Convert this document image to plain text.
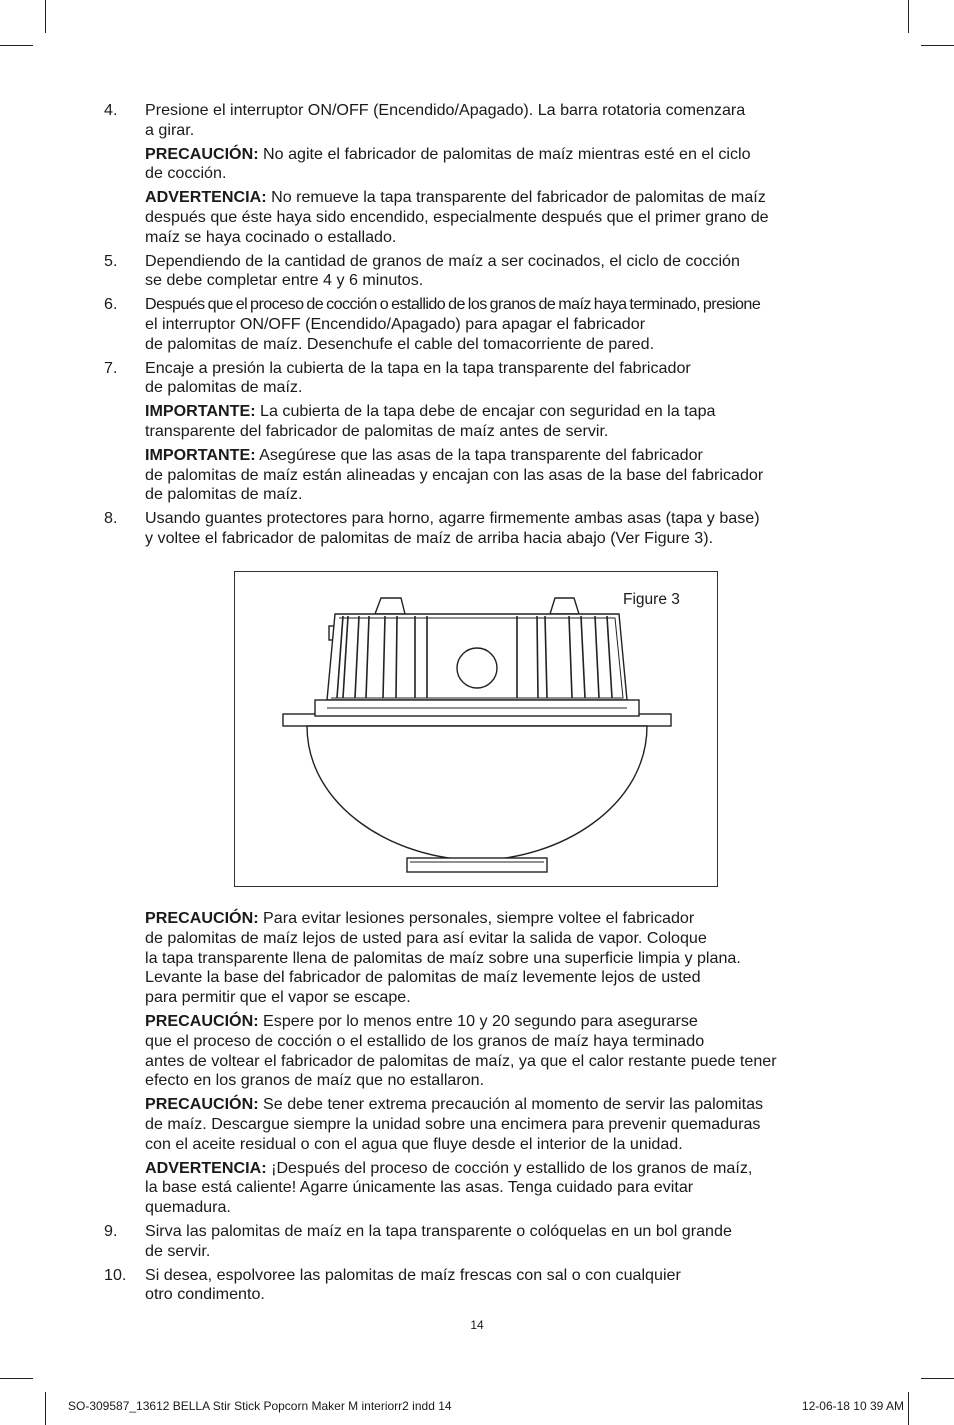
4. Presione el interruptor ON/OFF (Encendido/Apagado). La barra rotatoria comenzara
a girar.
PRECAUCIÓN: No agite el fabricador de palomitas de maíz mientras esté en el ciclo
de cocción.
ADVERTENCIA: No remueve la tapa transparente del fabricador de palomitas de maíz
después que éste haya sido encendido, especialmente después que el primer grano de
maíz se haya cocinado o estallado.
5. Dependiendo de la cantidad de granos de maíz a ser cocinados, el ciclo de cocción
se debe completar entre 4 y 6 minutos.
6. Después que el proceso de cocción o estallido de los granos de maíz haya terminado, presione
el interruptor ON/OFF (Encendido/Apagado) para apagar el fabricador
de palomitas de maíz. Desenchufe el cable del tomacorriente de pared.
7. Encaje a presión la cubierta de la tapa en la tapa transparente del fabricador
de palomitas de maíz.
IMPORTANTE: La cubierta de la tapa debe de encajar con seguridad en la tapa
transparente del fabricador de palomitas de maíz antes de servir.
IMPORTANTE: Asegúrese que las asas de la tapa transparente del fabricador
de palomitas de maíz están alineadas y encajan con las asas de la base del fabricador
de palomitas de maíz.
8. Usando guantes protectores para horno, agarre firmemente ambas asas (tapa y base)
y voltee el fabricador de palomitas de maíz de arriba hacia abajo (Ver Figure 3).
Figure 3
PRECAUCIÓN: Para evitar lesiones personales, siempre voltee el fabricador
de palomitas de maíz lejos de usted para así evitar la salida de vapor. Coloque
la tapa transparente llena de palomitas de maíz sobre una superficie limpia y plana.
Levante la base del fabricador de palomitas de maíz levemente lejos de usted
para permitir que el vapor se escape.
PRECAUCIÓN: Espere por lo menos entre 10 y 20 segundo para asegurarse
que el proceso de cocción o el estallido de los granos de maíz haya terminado
antes de voltear el fabricador de palomitas de maíz, ya que el calor restante puede tener
efecto en los granos de maíz que no estallaron.
PRECAUCIÓN: Se debe tener extrema precaución al momento de servir las palomitas
de maíz. Descargue siempre la unidad sobre una encimera para prevenir quemaduras
con el aceite residual o con el agua que fluye desde el interior de la unidad.
ADVERTENCIA: ¡Después del proceso de cocción y estallido de los granos de maíz,
la base está caliente! Agarre únicamente las asas. Tenga cuidado para evitar
quemadura.
9. Sirva las palomitas de maíz en la tapa transparente o colóquelas en un bol grande
de servir.
10. Si desea, espolvoree las palomitas de maíz frescas con sal o con cualquier
otro condimento.
14
SO-309587_13612 BELLA Stir Stick Popcorn Maker M interiorr2 indd 14	12-06-18 10 39 AM
